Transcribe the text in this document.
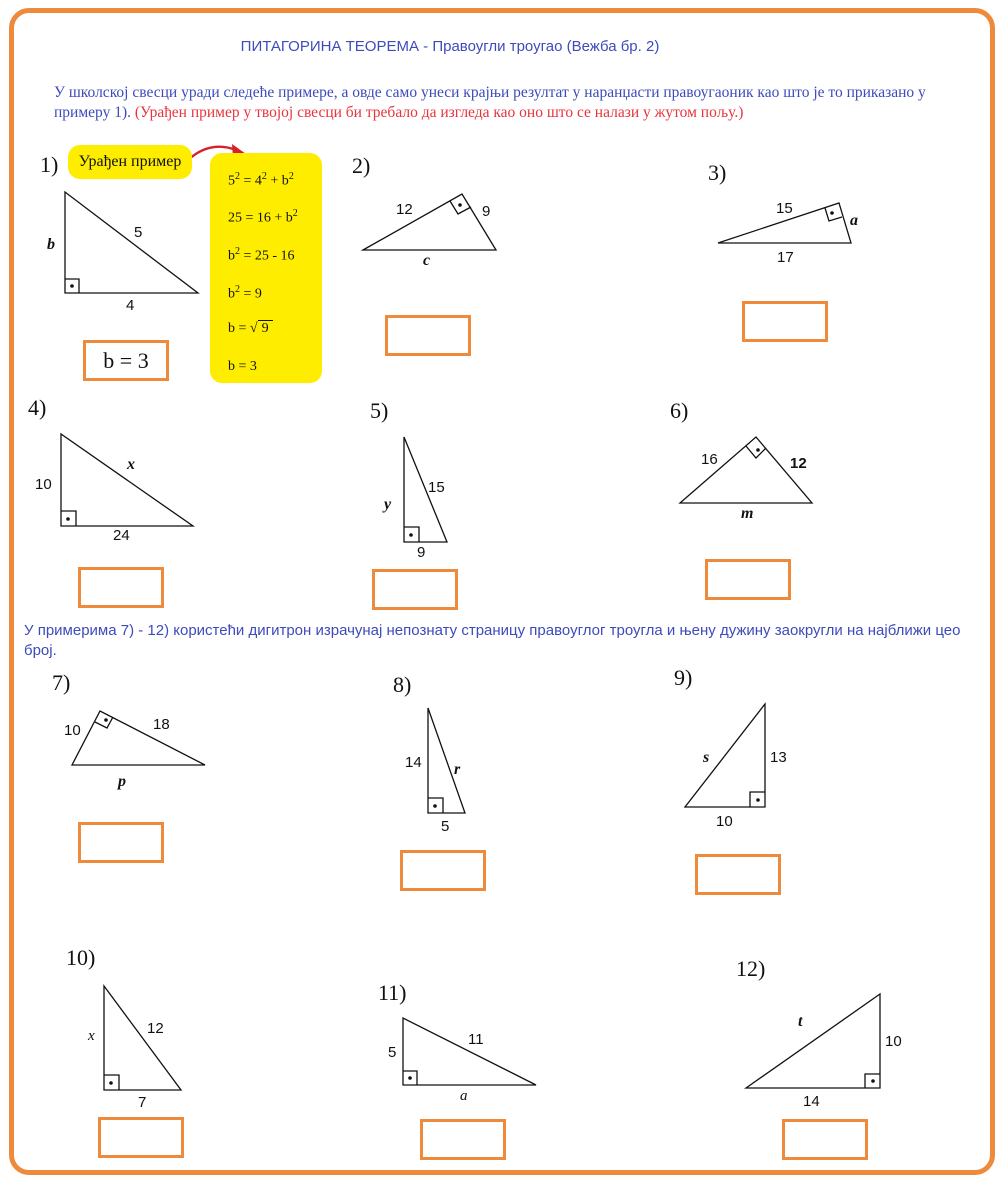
ПИТАГОРИНА ТЕОРЕМА - Правоугли троугао (Вежба бр. 2)
У школској свесци уради следеће примере, а овде само унеси крајњи резултат у наранџасти правоугаоник као што је то приказано у примеру 1). (Урађен пример у твојој свесци би требало да изгледа као оно што се налази у жутом пољу.)
У примерима 7) - 12) користећи дигитрон израчунај непознату страницу правоуглог троугла и њену дужину заокругли на најближи цео број.
Урађен пример
$5^2 = 4^2 + b^2$
$25 = 16 + b^2$
$b^2 = 25 - 16$
$b^2 = 9$
b = √ 9
b = 3
b = 3
1)	2)	3)
4)	5)	6)
7)	8)	9)
10)
11)
12)
b
5
4
12	9
c
15
a
17
10
x
24
y
15
9
16	12
m
10	18
p
14 r
5
s	13
10
x	12
7
5
11
a
t
10
14
